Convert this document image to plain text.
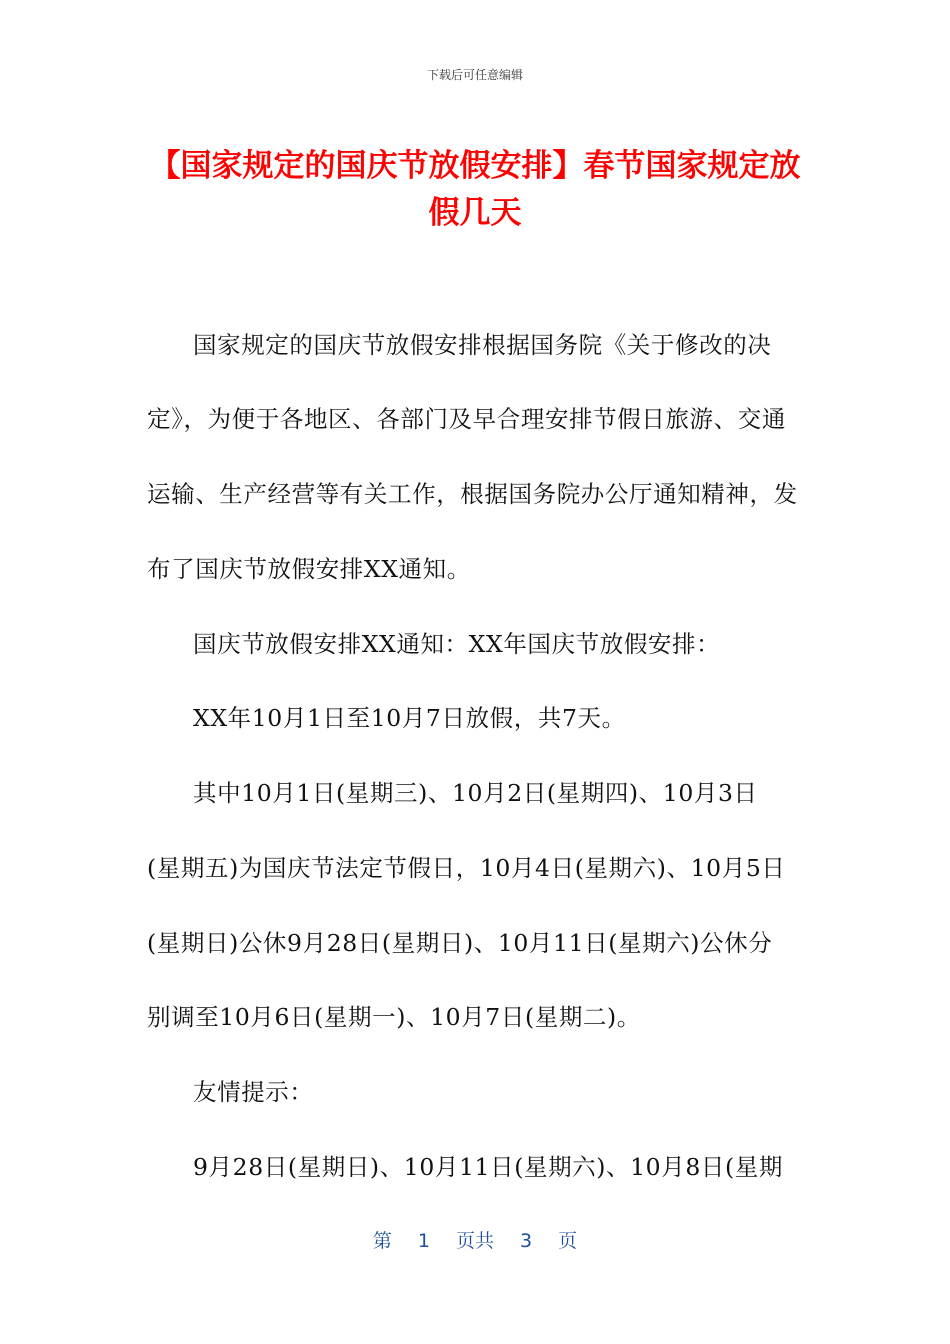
下载后可任意编辑
【国家规定的国庆节放假安排】春节国家规定放假几天
国家规定的国庆节放假安排根据国务院《关于修改的决
定》，为便于各地区、各部门及早合理安排节假日旅游、交通
运输、生产经营等有关工作，根据国务院办公厅通知精神，发
布了国庆节放假安排XX通知。
国庆节放假安排XX通知：XX年国庆节放假安排：
XX年10月1日至10月7日放假，共7天。
其中10月1日(星期三)、10月2日(星期四)、10月3日
(星期五)为国庆节法定节假日，10月4日(星期六)、10月5日
(星期日)公休9月28日(星期日)、10月11日(星期六)公休分
别调至10月6日(星期一)、10月7日(星期二)。
友情提示：
9月28日(星期日)、10月11日(星期六)、10月8日(星期
第 1 页共 3 页
